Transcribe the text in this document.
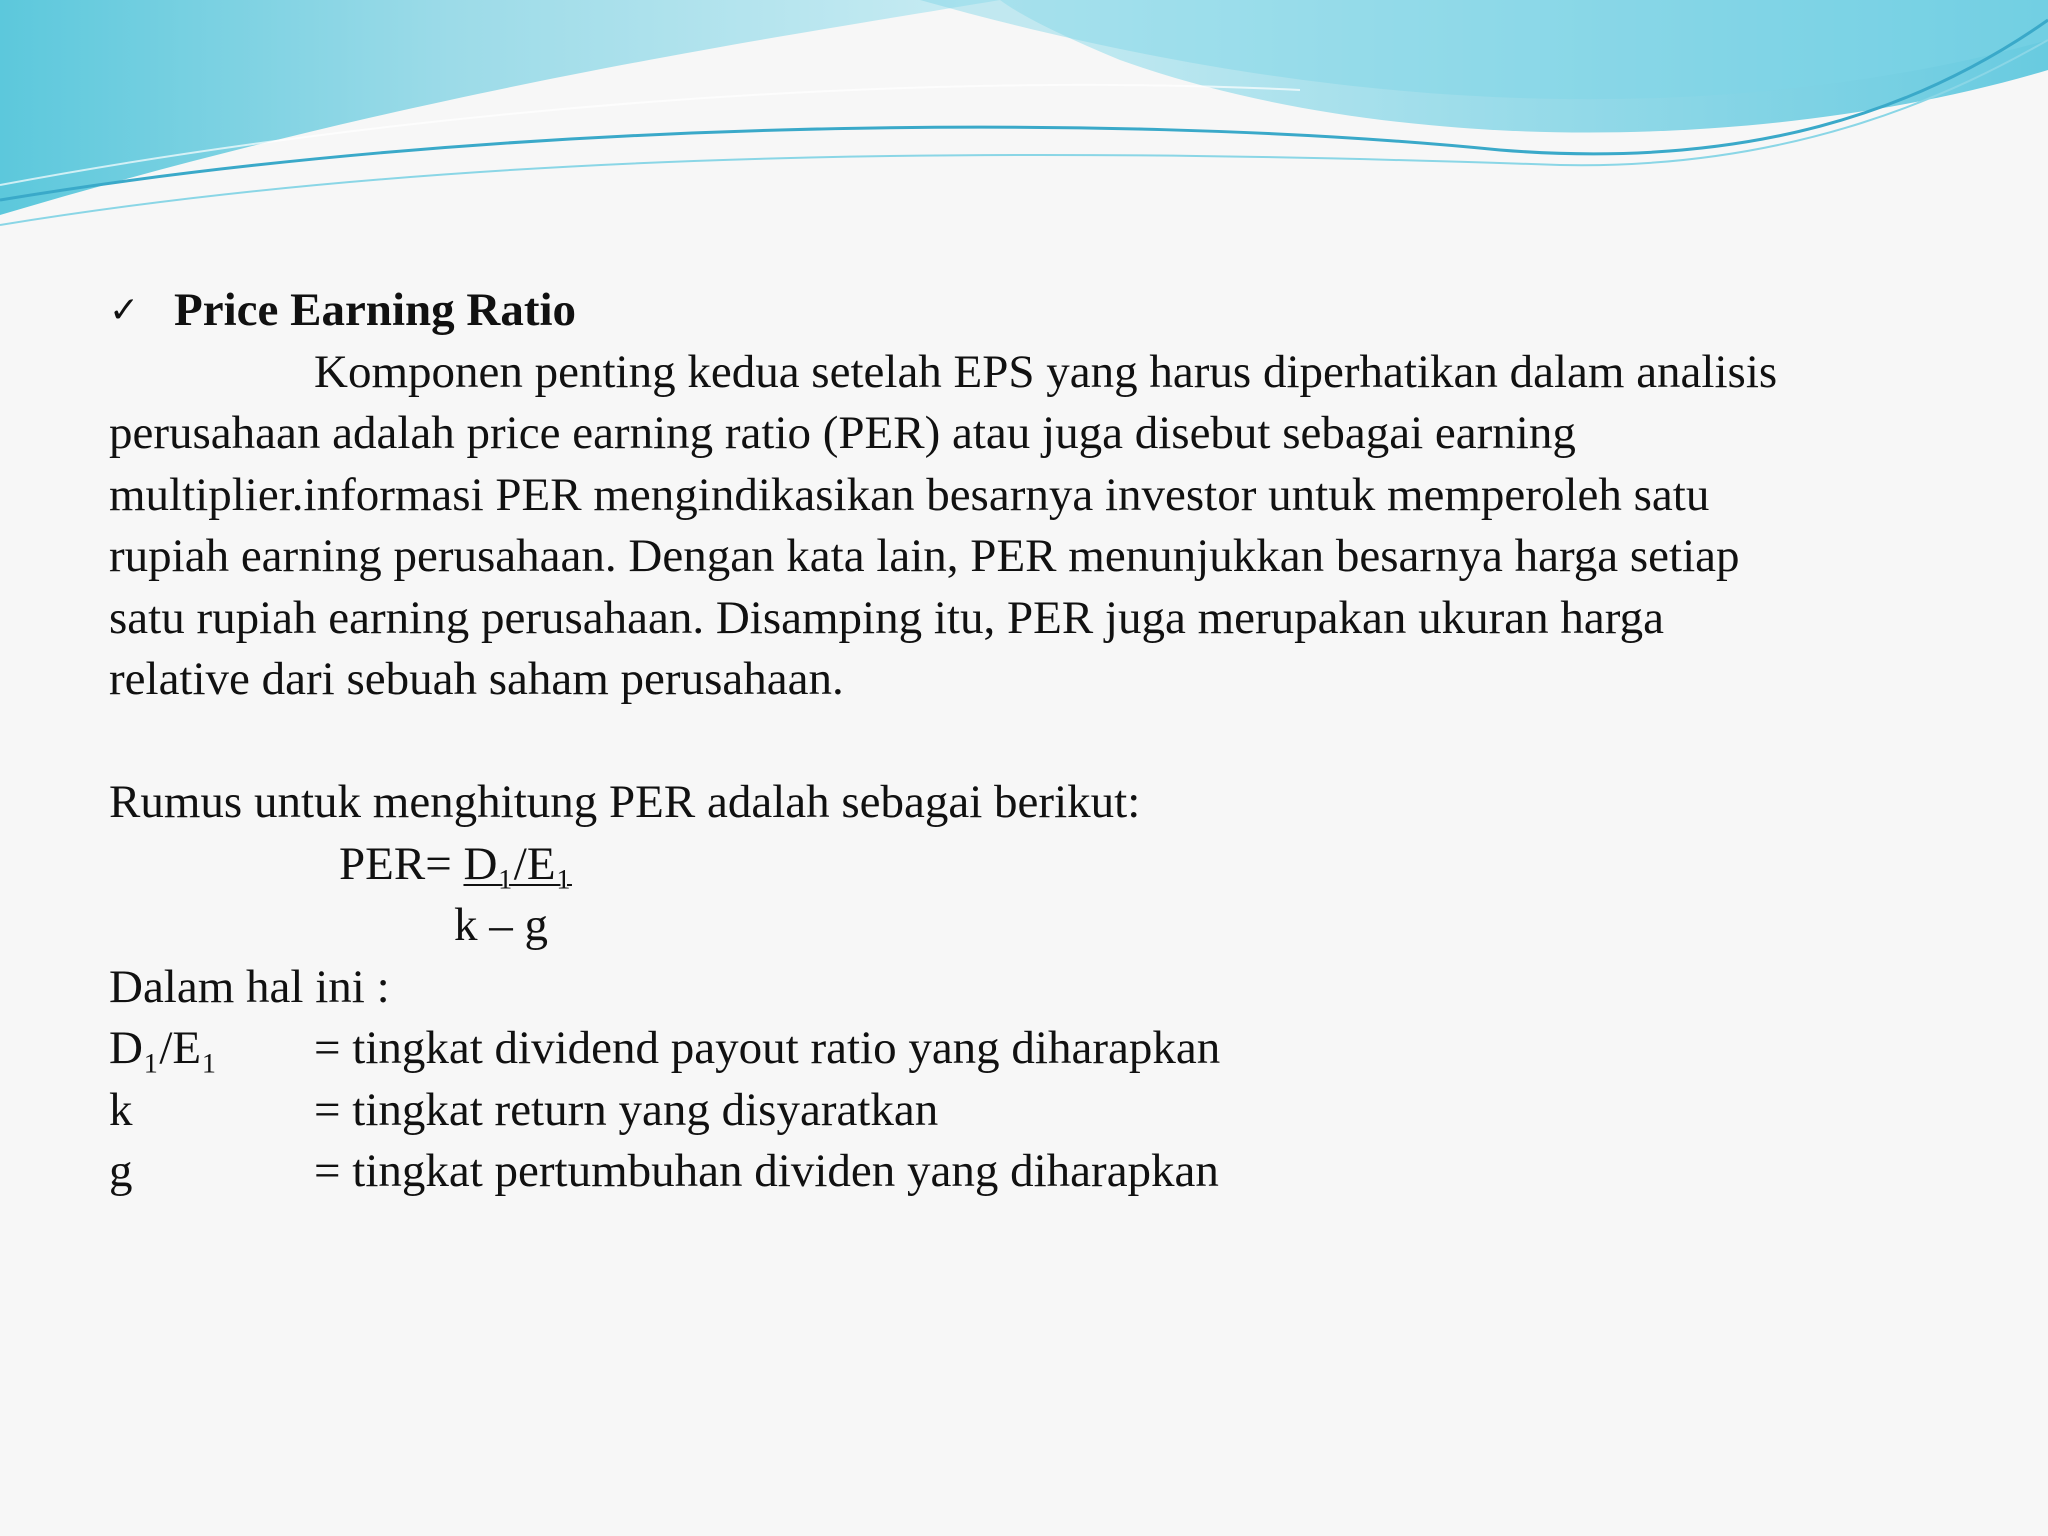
✓ Price Earning Ratio
Komponen penting kedua setelah EPS yang harus diperhatikan dalam analisis
perusahaan adalah price earning ratio (PER) atau juga disebut sebagai earning
multiplier.informasi PER mengindikasikan besarnya investor untuk memperoleh satu
rupiah earning perusahaan. Dengan kata lain, PER menunjukkan besarnya harga setiap
satu rupiah earning perusahaan. Disamping itu, PER juga merupakan ukuran harga
relative dari sebuah saham perusahaan.
Rumus untuk menghitung PER adalah sebagai berikut:
PER= D₁/E₁
k – g
Dalam hal ini :
D₁/E₁	= tingkat dividend payout ratio yang diharapkan
k	= tingkat return yang disyaratkan
g	= tingkat pertumbuhan dividen yang diharapkan
